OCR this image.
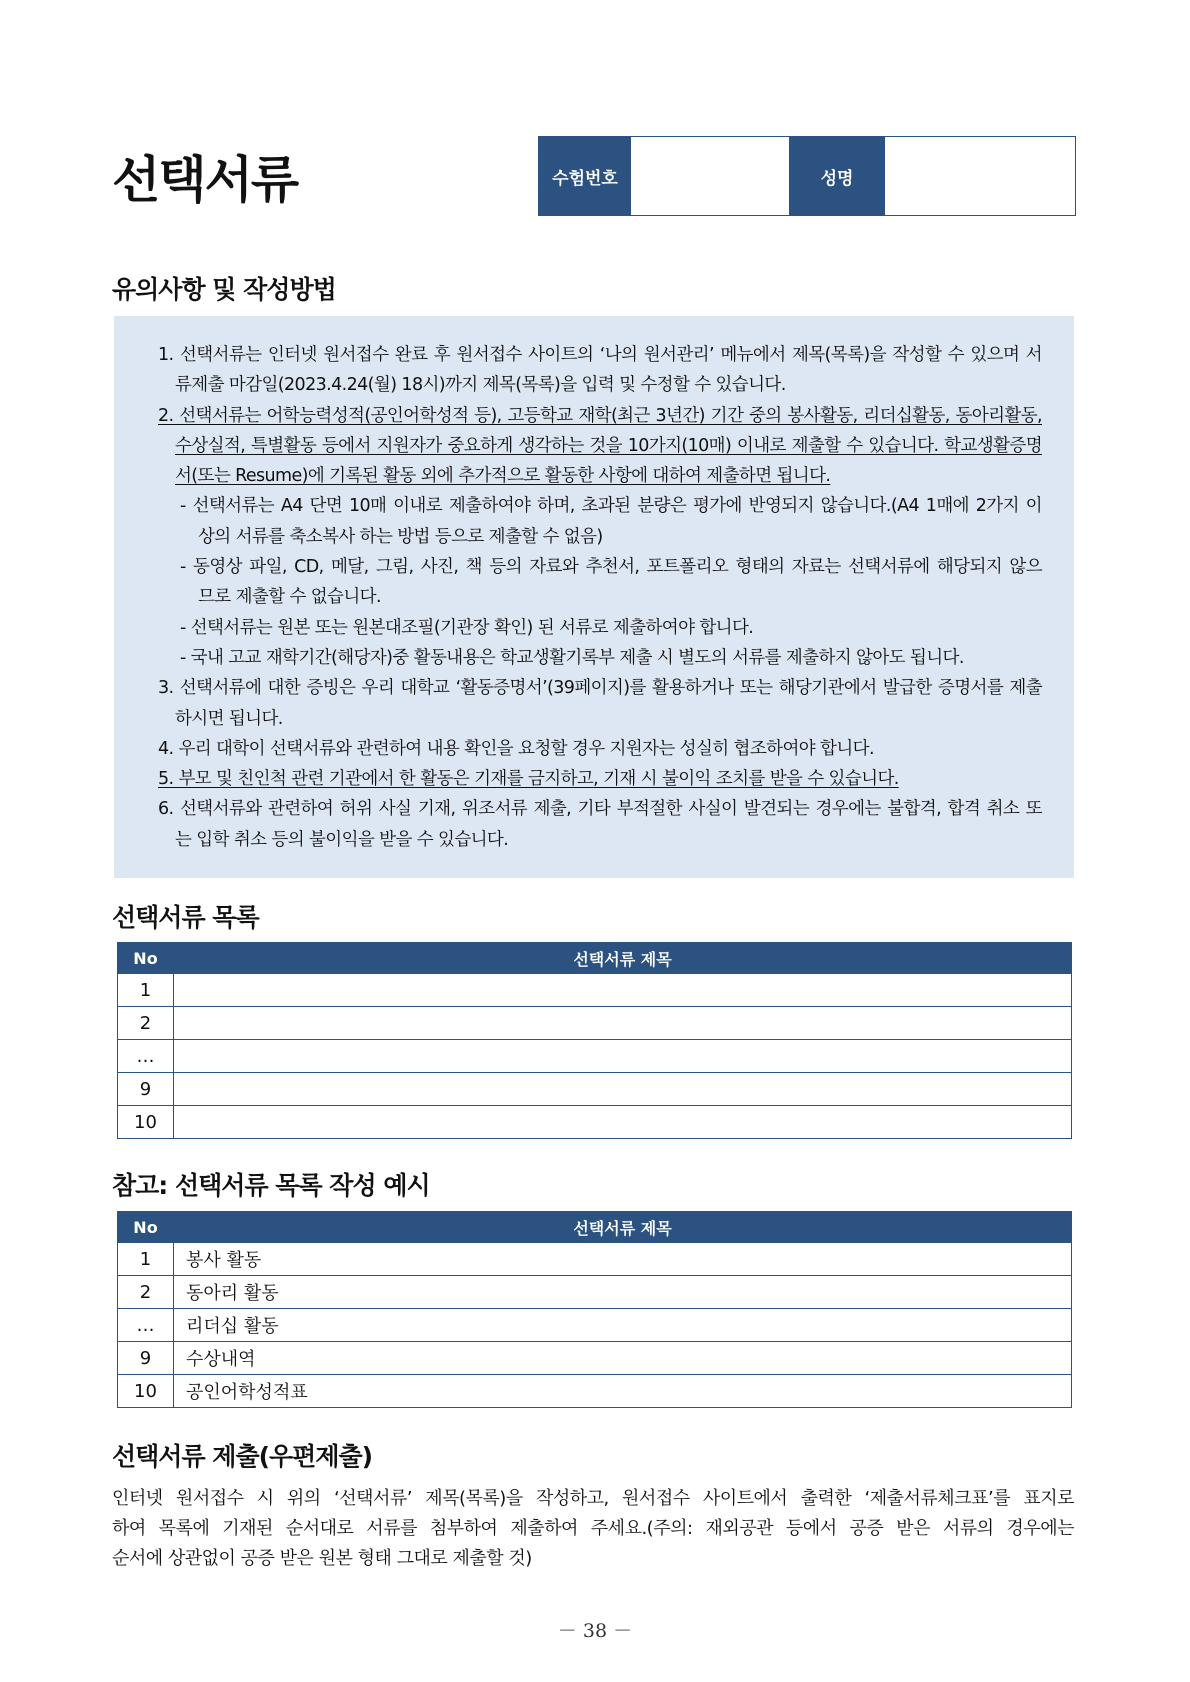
선택서류	수험번호	성명
유의사항 및 작성방법
1. 선택서류는 인터넷 원서접수 완료 후 원서접수 사이트의 ‘나의 원서관리’ 메뉴에서 제목(목록)을 작성할 수 있으며 서
류제출 마감일(2023.4.24(월) 18시)까지 제목(목록)을 입력 및 수정할 수 있습니다.
2. 선택서류는 어학능력성적(공인어학성적 등), 고등학교 재학(최근 3년간) 기간 중의 봉사활동, 리더십활동, 동아리활동,
수상실적, 특별활동 등에서 지원자가 중요하게 생각하는 것을 10가지(10매) 이내로 제출할 수 있습니다. 학교생활증명
서(또는 Resume)에 기록된 활동 외에 추가적으로 활동한 사항에 대하여 제출하면 됩니다.
- 선택서류는 A4 단면 10매 이내로 제출하여야 하며, 초과된 분량은 평가에 반영되지 않습니다.(A4 1매에 2가지 이
상의 서류를 축소복사 하는 방법 등으로 제출할 수 없음)
- 동영상 파일, CD, 메달, 그림, 사진, 책 등의 자료와 추천서, 포트폴리오 형태의 자료는 선택서류에 해당되지 않으
므로 제출할 수 없습니다.
- 선택서류는 원본 또는 원본대조필(기관장 확인) 된 서류로 제출하여야 합니다.
- 국내 고교 재학기간(해당자)중 활동내용은 학교생활기록부 제출 시 별도의 서류를 제출하지 않아도 됩니다.
3. 선택서류에 대한 증빙은 우리 대학교 ‘활동증명서’(39페이지)를 활용하거나 또는 해당기관에서 발급한 증명서를 제출
하시면 됩니다.
4. 우리 대학이 선택서류와 관련하여 내용 확인을 요청할 경우 지원자는 성실히 협조하여야 합니다.
5. 부모 및 친인척 관련 기관에서 한 활동은 기재를 금지하고, 기재 시 불이익 조치를 받을 수 있습니다.
6. 선택서류와 관련하여 허위 사실 기재, 위조서류 제출, 기타 부적절한 사실이 발견되는 경우에는 불합격, 합격 취소 또
는 입학 취소 등의 불이익을 받을 수 있습니다.
선택서류 목록
No	선택서류 제목
1	
2	
…	
9	
10	
참고: 선택서류 목록 작성 예시
No	선택서류 제목
1	봉사 활동
2	동아리 활동
…	리더십 활동
9	수상내역
10	공인어학성적표
선택서류 제출(우편제출)
인터넷 원서접수 시 위의 ‘선택서류’ 제목(목록)을 작성하고, 원서접수 사이트에서 출력한 ‘제출서류체크표’를 표지로
하여 목록에 기재된 순서대로 서류를 첨부하여 제출하여 주세요.(주의: 재외공관 등에서 공증 받은 서류의 경우에는
순서에 상관없이 공증 받은 원본 형태 그대로 제출할 것)
－ 38 －
